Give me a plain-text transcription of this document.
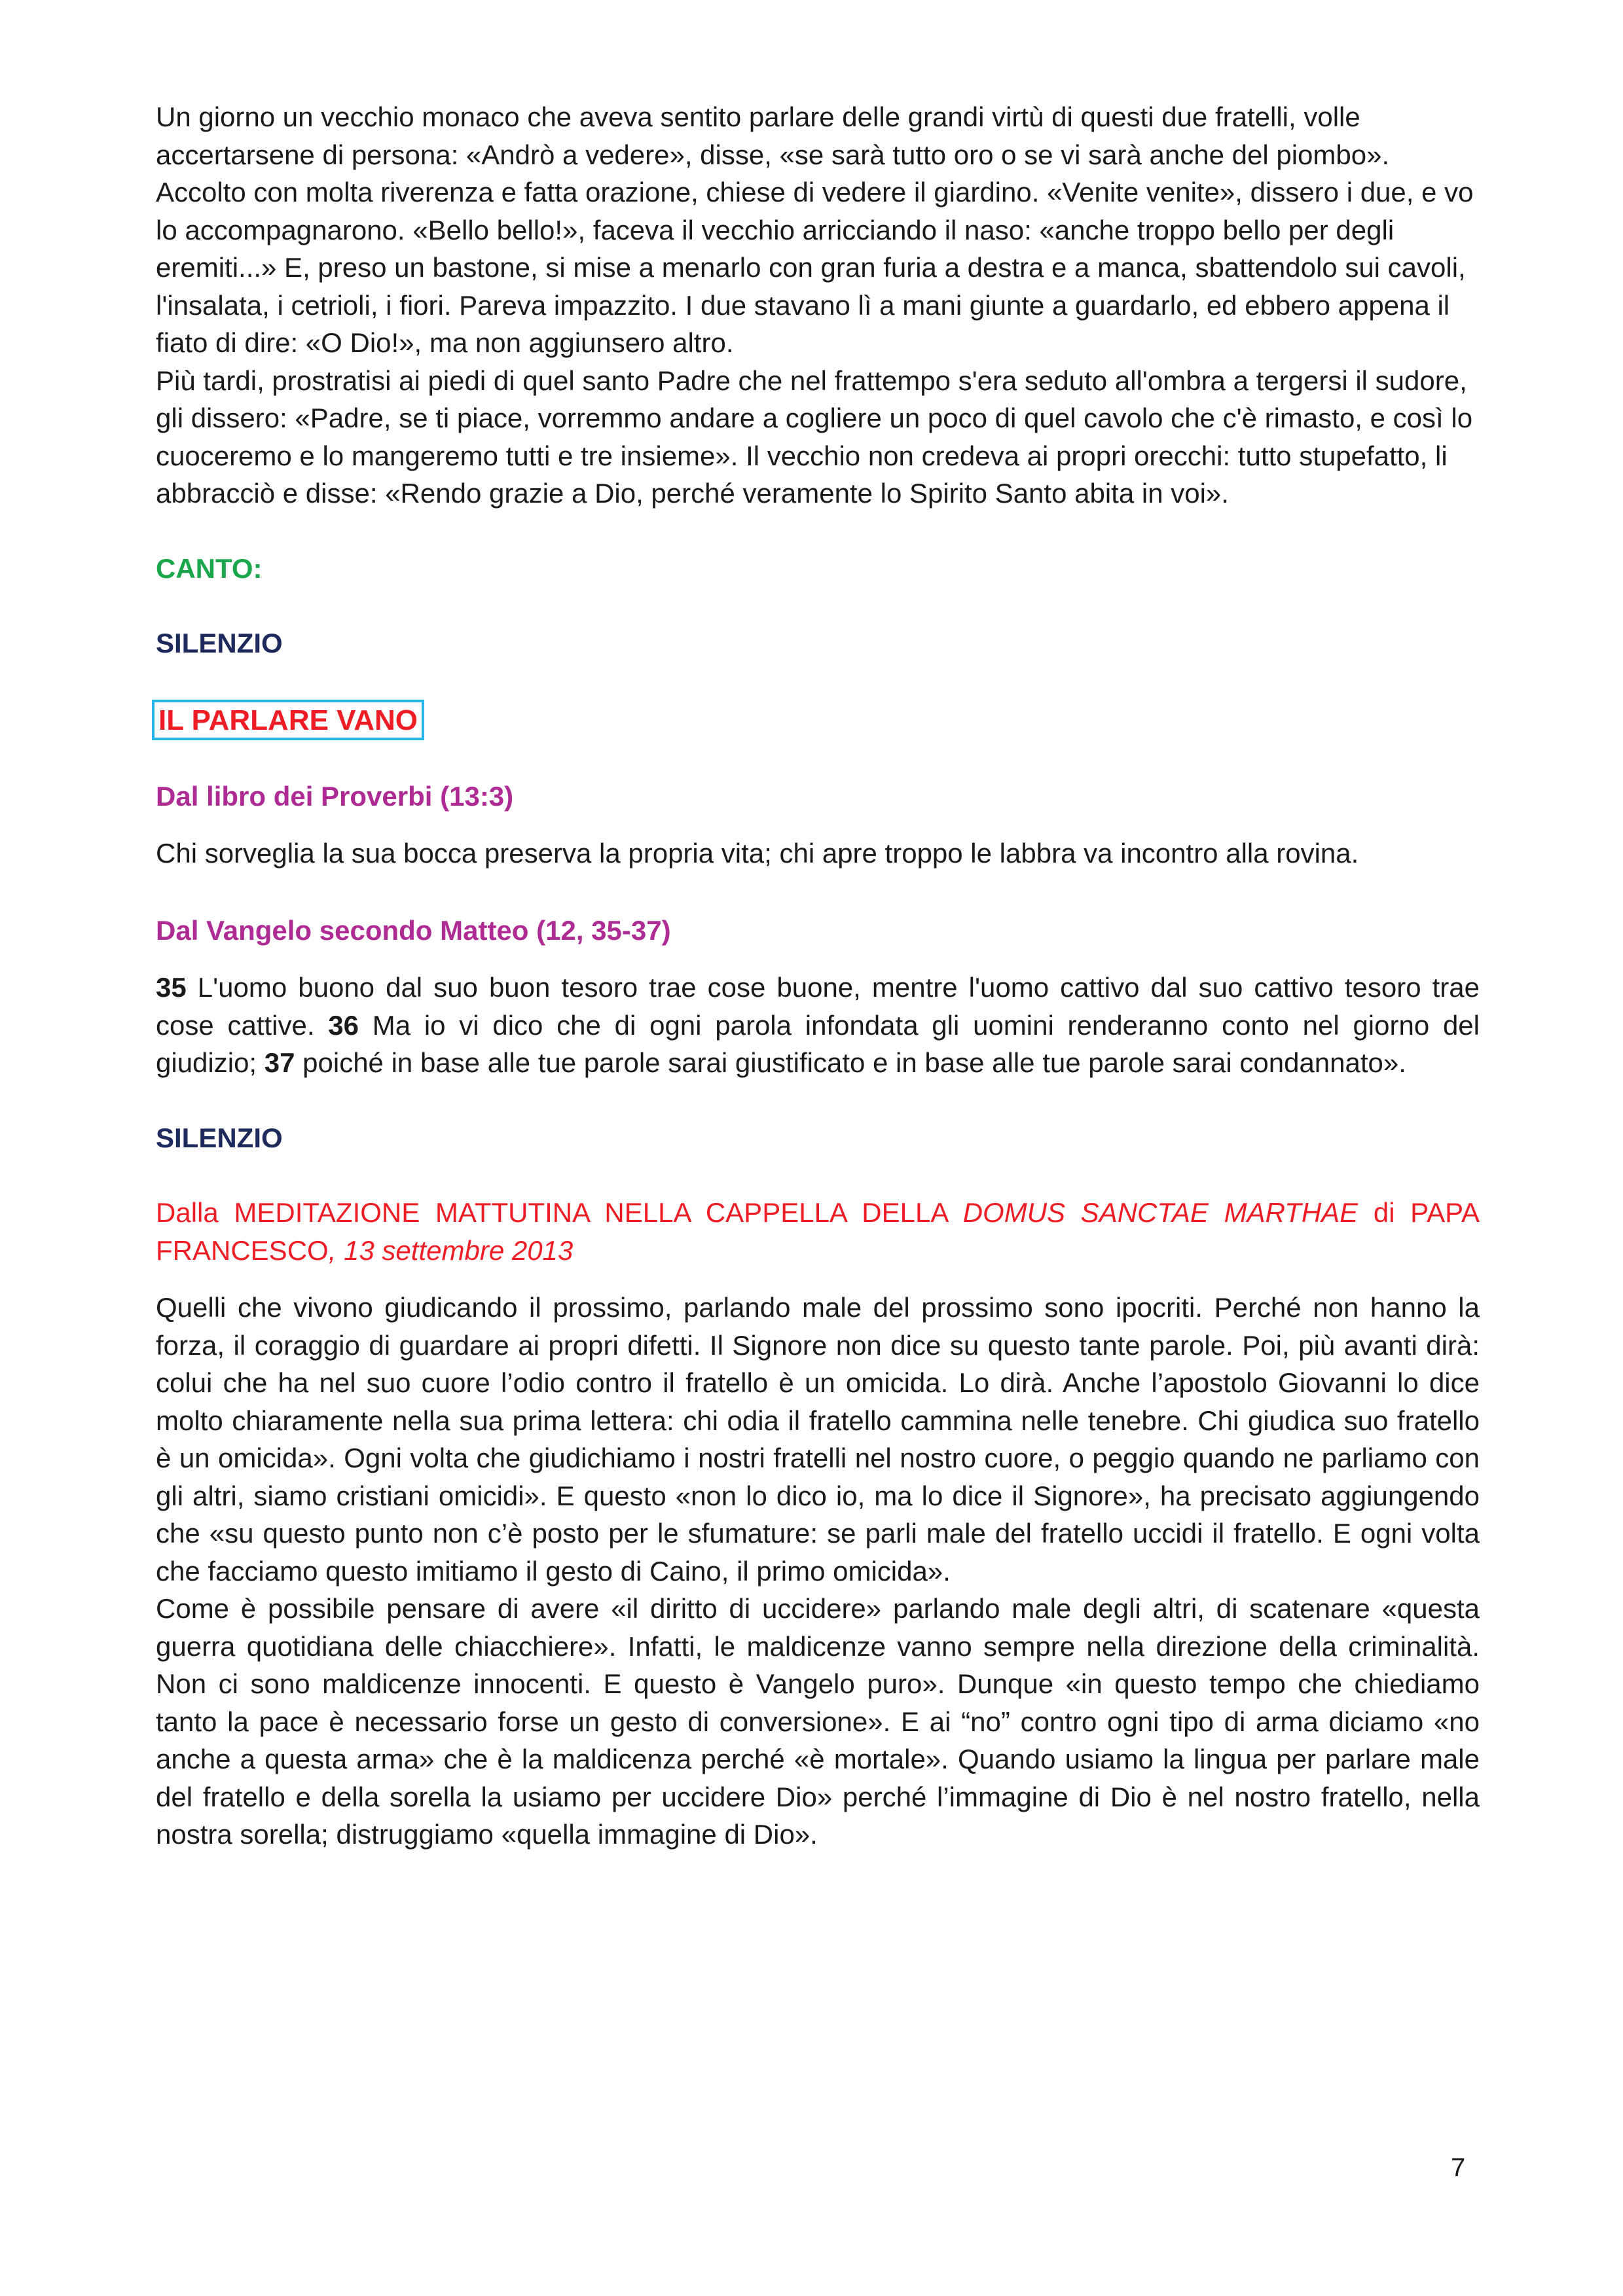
Un giorno un vecchio monaco che aveva sentito parlare delle grandi virtù di questi due fratelli, volle accertarsene di persona: «Andrò a vedere», disse, «se sarà tutto oro o se vi sarà anche del piombo». Accolto con molta riverenza e fatta orazione, chiese di vedere il giardino. «Venite venite», dissero i due, e vo lo accompagnarono. «Bello bello!», faceva il vecchio arricciando il naso: «anche troppo bello per degli eremiti...» E, preso un bastone, si mise a menarlo con gran furia a destra e a manca, sbattendolo sui cavoli, l'insalata, i cetrioli, i fiori. Pareva impazzito. I due stavano lì a mani giunte a guardarlo, ed ebbero appena il fiato di dire: «O Dio!», ma non aggiunsero altro.

Più tardi, prostratisi ai piedi di quel santo Padre che nel frattempo s'era seduto all'ombra a tergersi il sudore, gli dissero: «Padre, se ti piace, vorremmo andare a cogliere un poco di quel cavolo che c'è rimasto, e così lo cuoceremo e lo mangeremo tutti e tre insieme». Il vecchio non credeva ai propri orecchi: tutto stupefatto, li abbracciò e disse: «Rendo grazie a Dio, perché veramente lo Spirito Santo abita in voi».

CANTO:

SILENZIO

IL PARLARE VANO

Dal libro dei Proverbi (13:3)

Chi sorveglia la sua bocca preserva la propria vita; chi apre troppo le labbra va incontro alla rovina.

Dal Vangelo secondo Matteo (12, 35-37)

35 L'uomo buono dal suo buon tesoro trae cose buone, mentre l'uomo cattivo dal suo cattivo tesoro trae cose cattive. 36 Ma io vi dico che di ogni parola infondata gli uomini renderanno conto nel giorno del giudizio; 37 poiché in base alle tue parole sarai giustificato e in base alle tue parole sarai condannato».

SILENZIO

Dalla MEDITAZIONE MATTUTINA NELLA CAPPELLA DELLA DOMUS SANCTAE MARTHAE di PAPA FRANCESCO, 13 settembre 2013

Quelli che vivono giudicando il prossimo, parlando male del prossimo sono ipocriti. Perché non hanno la forza, il coraggio di guardare ai propri difetti. Il Signore non dice su questo tante parole. Poi, più avanti dirà: colui che ha nel suo cuore l’odio contro il fratello è un omicida. Lo dirà. Anche l’apostolo Giovanni lo dice molto chiaramente nella sua prima lettera: chi odia il fratello cammina nelle tenebre. Chi giudica suo fratello è un omicida». Ogni volta che giudichiamo i nostri fratelli nel nostro cuore, o peggio quando ne parliamo con gli altri, siamo cristiani omicidi». E questo «non lo dico io, ma lo dice il Signore», ha precisato aggiungendo che «su questo punto non c’è posto per le sfumature: se parli male del fratello uccidi il fratello. E ogni volta che facciamo questo imitiamo il gesto di Caino, il primo omicida».

Come è possibile pensare di avere «il diritto di uccidere» parlando male degli altri, di scatenare «questa guerra quotidiana delle chiacchiere». Infatti, le maldicenze vanno sempre nella direzione della criminalità. Non ci sono maldicenze innocenti. E questo è Vangelo puro». Dunque «in questo tempo che chiediamo tanto la pace è necessario forse un gesto di conversione». E ai “no” contro ogni tipo di arma diciamo «no anche a questa arma» che è la maldicenza perché «è mortale». Quando usiamo la lingua per parlare male del fratello e della sorella la usiamo per uccidere Dio» perché l’immagine di Dio è nel nostro fratello, nella nostra sorella; distruggiamo «quella immagine di Dio».

7
